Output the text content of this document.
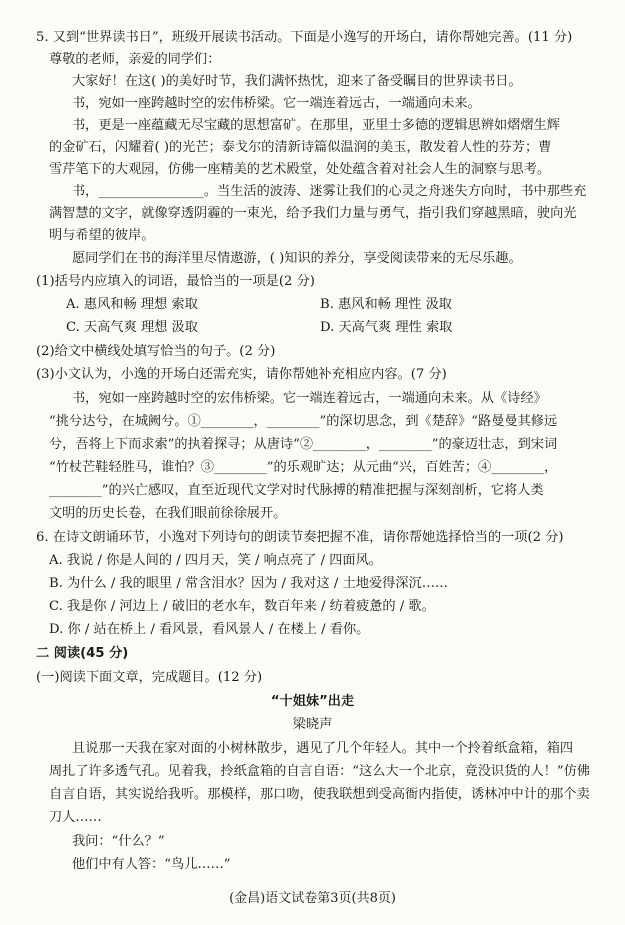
5. 又到“世界读书日”，班级开展读书活动。下面是小逸写的开场白，请你帮她完善。(11 分)
尊敬的老师，亲爱的同学们：
大家好！在这( )的美好时节，我们满怀热忱，迎来了备受瞩目的世界读书日。
书，宛如一座跨越时空的宏伟桥梁。它一端连着远古，一端通向未来。
书，更是一座蕴藏无尽宝藏的思想富矿。在那里，亚里士多德的逻辑思辨如熠熠生辉
的金矿石，闪耀着( )的光芒；泰戈尔的清新诗篇似温润的美玉，散发着人性的芬芳；曹
雪芹笔下的大观园，仿佛一座精美的艺术殿堂，处处蕴含着对社会人生的洞察与思考。
书，________________。当生活的波涛、迷雾让我们的心灵之舟迷失方向时，书中那些充
满智慧的文字，就像穿透阴霾的一束光，给予我们力量与勇气，指引我们穿越黑暗，驶向光
明与希望的彼岸。
愿同学们在书的海洋里尽情遨游，( )知识的养分，享受阅读带来的无尽乐趣。
(1)括号内应填入的词语，最恰当的一项是(2 分)
A. 惠风和畅 理想 索取	B. 惠风和畅 理性 汲取
C. 天高气爽 理想 汲取	D. 天高气爽 理性 索取
(2)给文中横线处填写恰当的句子。(2 分)
(3)小文认为，小逸的开场白还需充实，请你帮她补充相应内容。(7 分)
书，宛如一座跨越时空的宏伟桥梁。它一端连着远古，一端通向未来。从《诗经》
“挑兮达兮，在城阙兮。①________，________”的深切思念，到《楚辞》“路曼曼其修远
兮，吾将上下而求索”的执着探寻；从唐诗“②________，________”的豪迈壮志，到宋词
“竹杖芒鞋轻胜马，谁怕？③________”的乐观旷达；从元曲“兴，百姓苦；④________，
________”的兴亡感叹，直至近现代文学对时代脉搏的精准把握与深刻剖析，它将人类
文明的历史长卷，在我们眼前徐徐展开。
6. 在诗文朗诵环节，小逸对下列诗句的朗读节奏把握不准，请你帮她选择恰当的一项(2 分)
A. 我说 / 你是人间的 / 四月天，笑 / 响点亮了 / 四面风。
B. 为什么 / 我的眼里 / 常含泪水？因为 / 我对这 / 土地爱得深沉……
C. 我是你 / 河边上 / 破旧的老水车，数百年来 / 纺着疲惫的 / 歌。
D. 你 / 站在桥上 / 看风景，看风景人 / 在楼上 / 看你。
二 阅读(45 分)
(一)阅读下面文章，完成题目。(12 分)
“十姐妹”出走
梁晓声
且说那一天我在家对面的小树林散步，遇见了几个年轻人。其中一个拎着纸盒箱，箱四
周扎了许多透气孔。见着我，拎纸盒箱的自言自语：“这么大一个北京，竟没识货的人！”仿佛
自言自语，其实说给我听。那模样，那口吻，使我联想到受高衙内指使，诱林冲中计的那个卖
刀人……
我问：“什么？”
他们中有人答：“鸟儿……”
(金昌)语文试卷第3页(共8页)
